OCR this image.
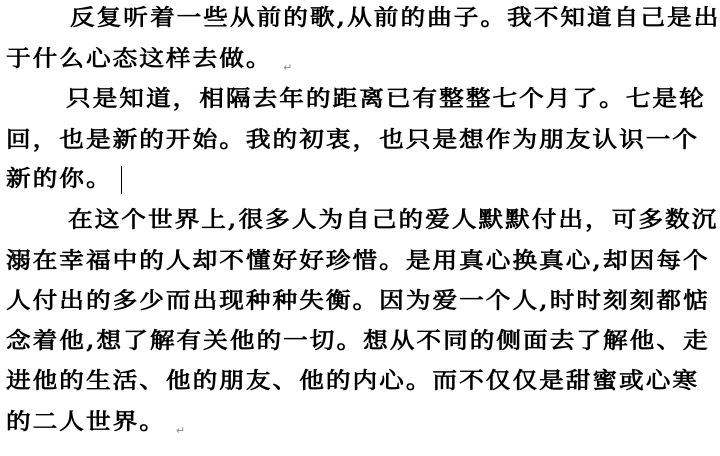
反复听着一些从前的歌,从前的曲子。我不知道自己是出
于什么心态这样去做。 ↵
只是知道，相隔去年的距离已有整整七个月了。七是轮
回，也是新的开始。我的初衷，也只是想作为朋友认识一个
新的你。
在这个世界上,很多人为自己的爱人默默付出，可多数沉
溺在幸福中的人却不懂好好珍惜。是用真心换真心,却因每个
人付出的多少而出现种种失衡。因为爱一个人,时时刻刻都惦
念着他,想了解有关他的一切。想从不同的侧面去了解他、走
进他的生活、他的朋友、他的内心。而不仅仅是甜蜜或心寒
的二人世界。 ↵
